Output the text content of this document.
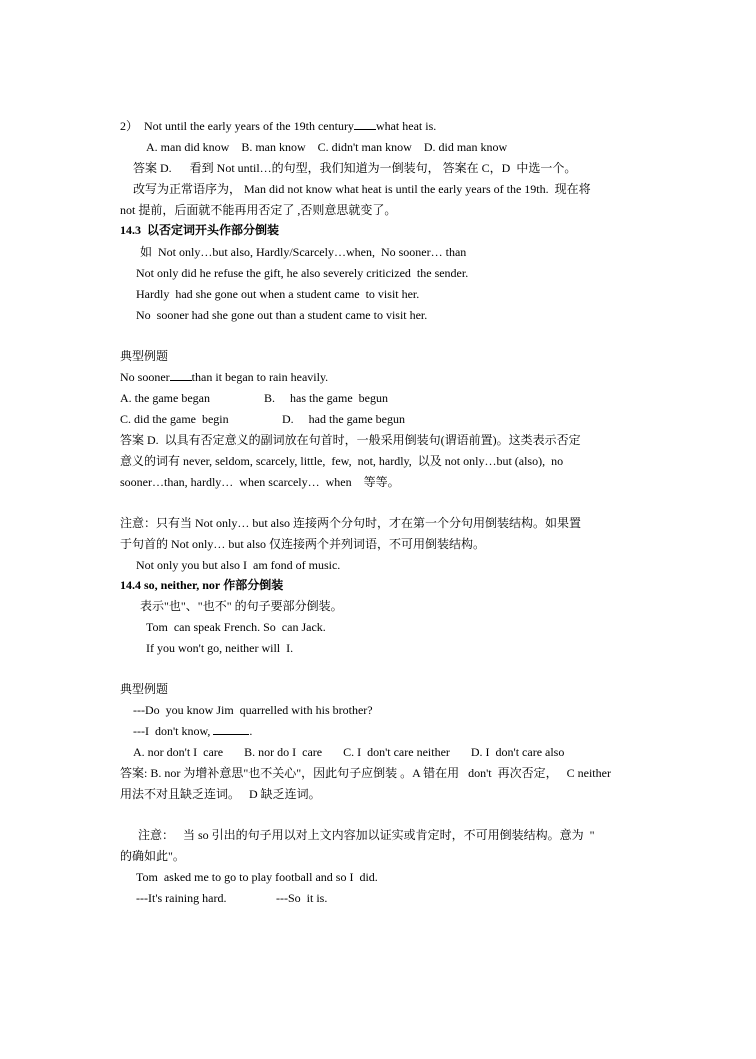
2）  Not until the early years of the 19th century what heat is.
A. man did know    B. man know    C. didn't man know    D. did man know
答案 D.      看到 Not until…的句型，我们知道为一倒装句， 答案在 C，D  中选一个。
改写为正常语序为， Man did not know what heat is until the early years of the 19th.  现在将
not 提前，后面就不能再用否定了 ,否则意思就变了。
14.3  以否定词开头作部分倒装
如  Not only…but also, Hardly/Scarcely…when,  No sooner… than
Not only did he refuse the gift, he also severely criticized  the sender.
Hardly  had she gone out when a student came  to visit her.
No  sooner had she gone out than a student came to visit her.
典型例题
No sooner than it began to rain heavily.
A. the game began	B.     has the game  begun
C. did the game  begin	D.     had the game begun
答案 D.  以具有否定意义的副词放在句首时，一般采用倒装句(谓语前置)。这类表示否定
意义的词有 never, seldom, scarcely, little,  few,  not, hardly,  以及 not only…but (also),  no
sooner…than, hardly…  when scarcely…  when    等等。
注意：只有当 Not only… but also 连接两个分句时，才在第一个分句用倒装结构。如果置
于句首的 Not only… but also 仅连接两个并列词语，不可用倒装结构。
Not only you but also I  am fond of music.
14.4 so, neither, nor 作部分倒装
表示"也"、"也不" 的句子要部分倒装。
Tom  can speak French. So  can Jack.
If you won't go, neither will  I.
典型例题
---Do  you know Jim  quarrelled with his brother?
---I  don't know,	.
A. nor don't I  care       B. nor do I  care       C. I  don't care neither       D. I  don't care also
答案: B. nor 为增补意思"也不关心"，因此句子应倒装 。A 错在用   don't  再次否定，   C neither
用法不对且缺乏连词。   D 缺乏连词。
注意：   当 so 引出的句子用以对上文内容加以证实或肯定时，不可用倒装结构。意为  "
的确如此"。
Tom  asked me to go to play football and so I  did.
---It's raining hard.	---So  it is.
